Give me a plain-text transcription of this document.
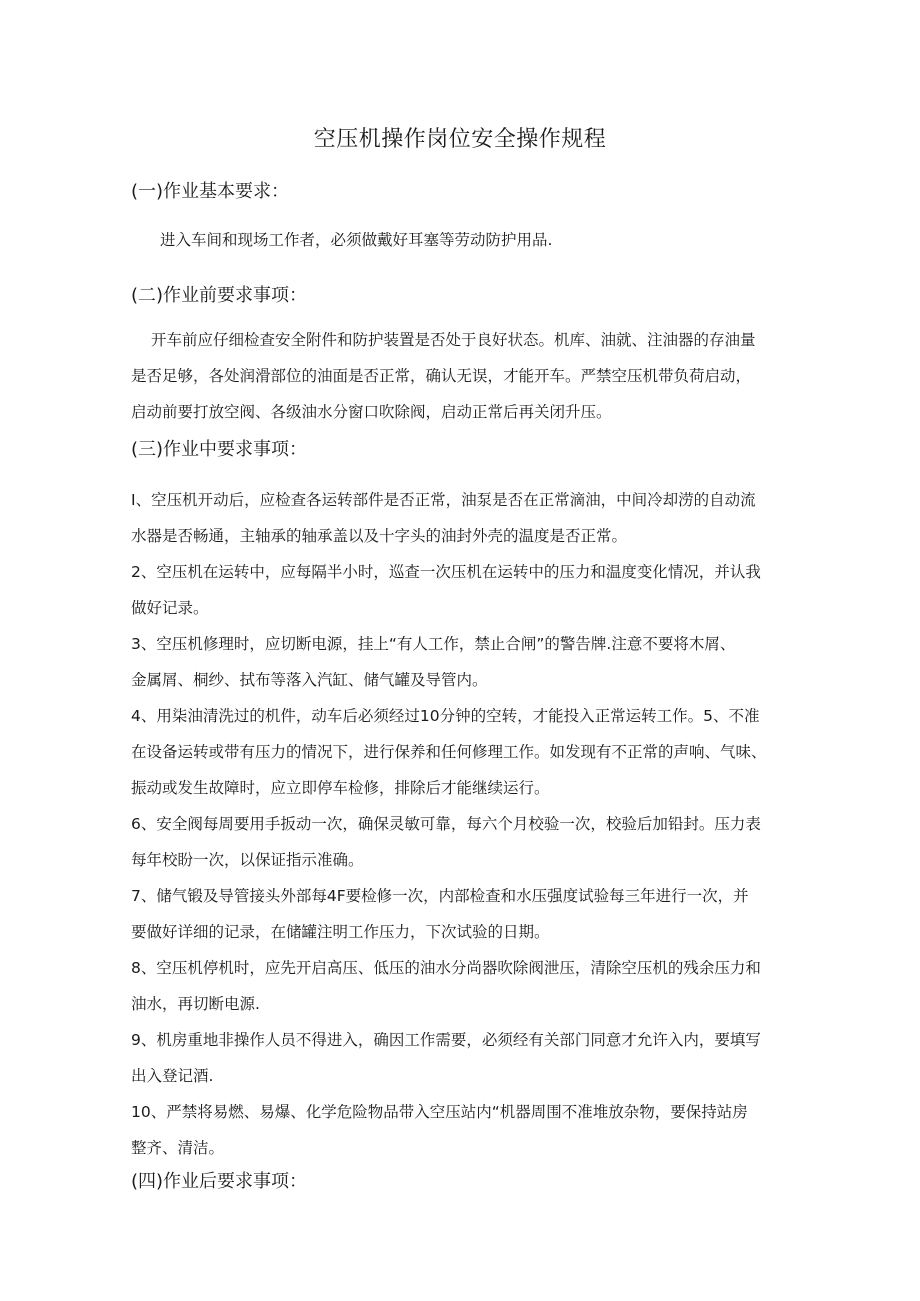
空压机操作岗位安全操作规程
(一)作业基本要求：
进入车间和现场工作者，必须做戴好耳塞等劳动防护用品.
(二)作业前要求事项：
开车前应仔细检查安全附件和防护装置是否处于良好状态。机库、油就、注油器的存油量
是否足够，各处润滑部位的油面是否正常，确认无误，才能开车。严禁空压机带负荷启动，
启动前要打放空阀、各级油水分窗口吹除阀，启动正常后再关闭升压。
(三)作业中要求事项：
I、空压机开动后，应检查各运转部件是否正常，油泵是否在正常滴油，中间冷却涝的自动流
水器是否畅通，主轴承的轴承盖以及十字头的油封外壳的温度是否正常。
2、空压机在运转中，应每隔半小时，巡查一次压机在运转中的压力和温度变化情况，并认我
做好记录。
3、空压机修理时，应切断电源，挂上“有人工作，禁止合闸”的警告牌.注意不要将木屑、
金属屑、桐纱、拭布等落入汽缸、储气罐及导管内。
4、用柒油清洗过的机件，动车后必须经过10分钟的空转，才能投入正常运转工作。5、不准
在设备运转或带有压力的情况下，进行保养和任何修理工作。如发现有不正常的声响、气味、
振动或发生故障时，应立即停车检修，排除后才能继续运行。
6、安全阀每周要用手扳动一次，确保灵敏可靠，每六个月校验一次，校验后加铅封。压力表
每年校盼一次，以保证指示准确。
7、储气锻及导管接头外部每4F要检修一次，内部检查和水压强度试验每三年进行一次，并
要做好详细的记录，在储罐注明工作压力，下次试验的日期。
8、空压机停机时，应先开启高压、低压的油水分尚器吹除阀泄压，清除空压机的残余压力和
油水，再切断电源.
9、机房重地非操作人员不得进入，确因工作需要，必须经有关部门同意才允许入内，要填写
出入登记酒.
10、严禁将易燃、易爆、化学危险物品带入空压站内“机器周围不准堆放杂物，要保持站房
整齐、清洁。
(四)作业后要求事项：
